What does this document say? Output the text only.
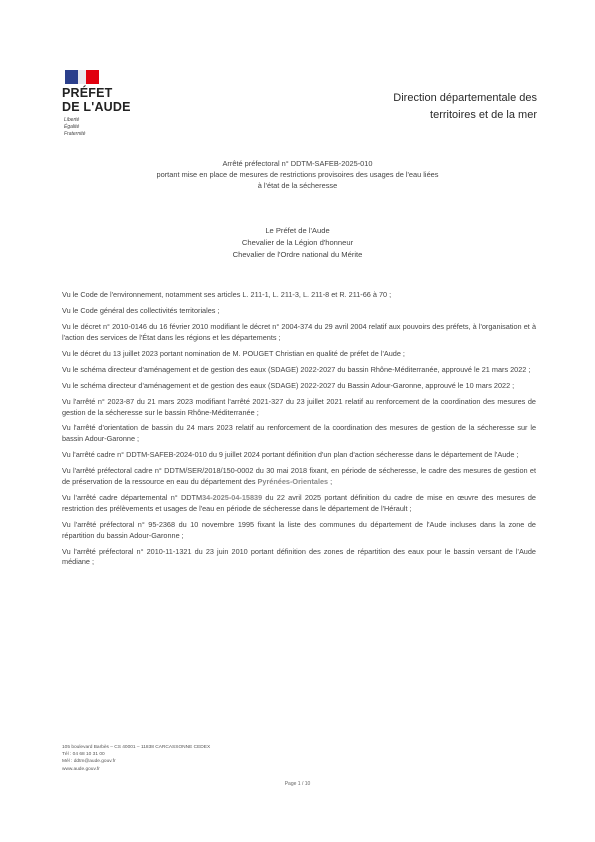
PRÉFET
DE L'AUDE
Liberté
Égalité
Fraternité
Direction départementale des
territoires et de la mer
Arrêté préfectoral n° DDTM-SAFEB-2025-010
portant mise en place de mesures de restrictions provisoires des usages de l'eau liées
à l'état de la sécheresse
Le Préfet de l'Aude
Chevalier de la Légion d'honneur
Chevalier de l'Ordre national du Mérite

Vu le Code de l'environnement, notamment ses articles L. 211-1, L. 211-3, L. 211-8 et R. 211-66 à 70 ;

Vu le Code général des collectivités territoriales ;

Vu le décret n° 2010-0146 du 16 février 2010 modifiant le décret n° 2004-374 du 29 avril 2004 relatif aux pouvoirs des préfets, à l'organisation et à l'action des services de l'État dans les régions et les départements ;

Vu le décret du 13 juillet 2023 portant nomination de M. POUGET Christian en qualité de préfet de l'Aude ;

Vu le schéma directeur d'aménagement et de gestion des eaux (SDAGE) 2022-2027 du bassin Rhône-Méditerranée, approuvé le 21 mars 2022 ;

Vu le schéma directeur d'aménagement et de gestion des eaux (SDAGE) 2022-2027 du Bassin Adour-Garonne, approuvé le 10 mars 2022 ;

Vu l'arrêté n° 2023-87 du 21 mars 2023 modifiant l'arrêté 2021-327 du 23 juillet 2021 relatif au renforcement de la coordination des mesures de gestion de la sécheresse sur le bassin Rhône-Méditerranée ;

Vu l'arrêté d'orientation de bassin du 24 mars 2023 relatif au renforcement de la coordination des mesures de gestion de la sécheresse sur le bassin Adour-Garonne ;

Vu l'arrêté cadre n° DDTM-SAFEB-2024-010 du 9 juillet 2024 portant définition d'un plan d'action sécheresse dans le département de l'Aude ;

Vu l'arrêté préfectoral cadre n° DDTM/SER/2018/150-0002 du 30 mai 2018 fixant, en période de sécheresse, le cadre des mesures de gestion et de préservation de la ressource en eau du département des Pyrénées-Orientales ;

Vu l'arrêté cadre départemental n° DDTM34-2025-04-15839 du 22 avril 2025 portant définition du cadre de mise en œuvre des mesures de restriction des prélèvements et usages de l'eau en période de sécheresse dans le département de l'Hérault ;

Vu l'arrêté préfectoral n° 95-2368 du 10 novembre 1995 fixant la liste des communes du département de l'Aude incluses dans la zone de répartition du bassin Adour-Garonne ;

Vu l'arrêté préfectoral n° 2010-11-1321 du 23 juin 2010 portant définition des zones de répartition des eaux pour le bassin versant de l'Aude médiane ;

105 boulevard Barbès – CS 40001 – 11838 CARCASSONNE CEDEX
Tél : 04 68 10 31 00
Mél : ddtm@aude.gouv.fr
www.aude.gouv.fr
Page 1 / 10
